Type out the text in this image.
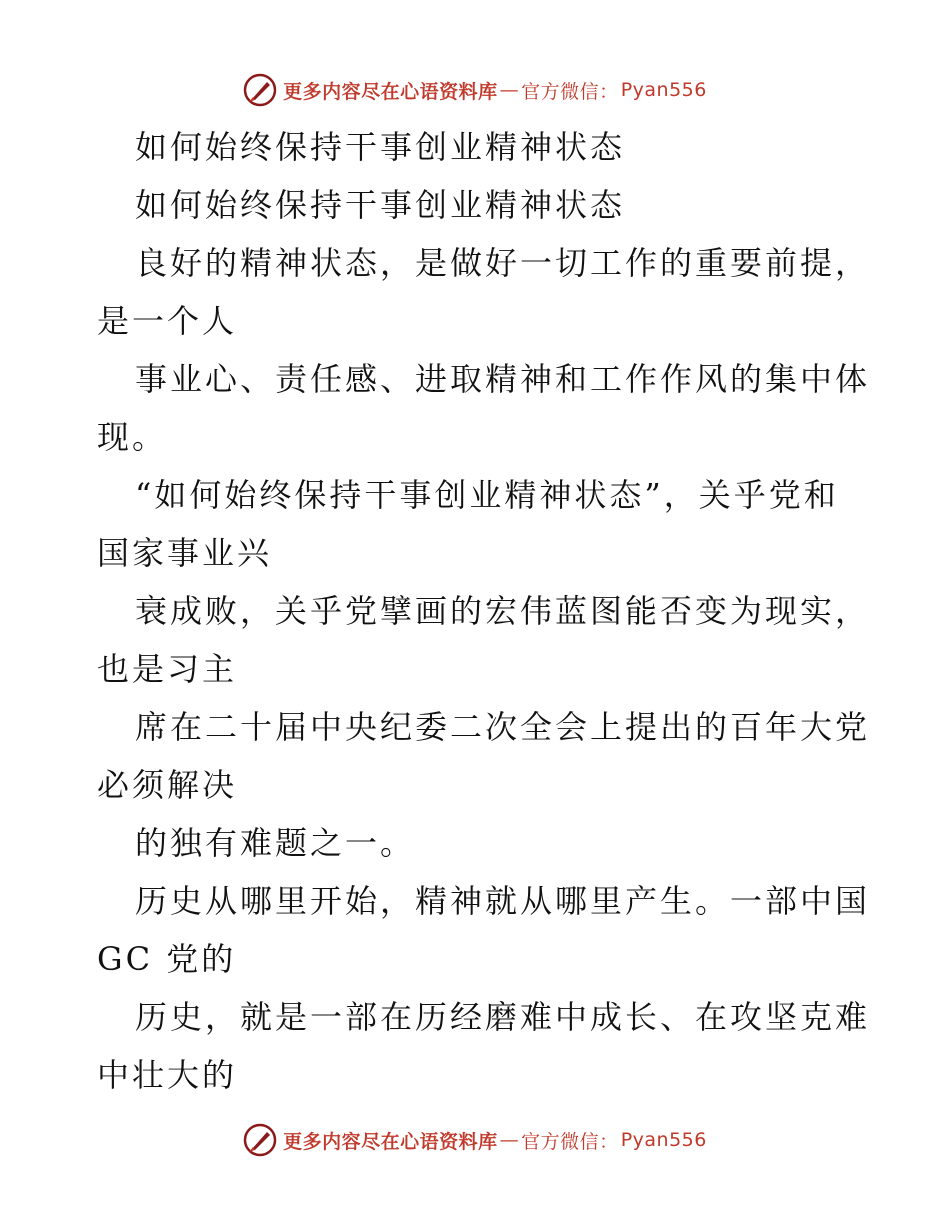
更多内容尽在心语资料库 — 官方微信： Pyan556
如何始终保持干事创业精神状态
如何始终保持干事创业精神状态
良好的精神状态，是做好一切工作的重要前提，
是一个人
事业心、责任感、进取精神和工作作风的集中体
现。
“如何始终保持干事创业精神状态”，关乎党和
国家事业兴
衰成败，关乎党擘画的宏伟蓝图能否变为现实，
也是习主
席在二十届中央纪委二次全会上提出的百年大党
必须解决
的独有难题之一。
历史从哪里开始，精神就从哪里产生。一部中国
GC 党的
历史，就是一部在历经磨难中成长、在攻坚克难
中壮大的
更多内容尽在心语资料库 — 官方微信： Pyan556
